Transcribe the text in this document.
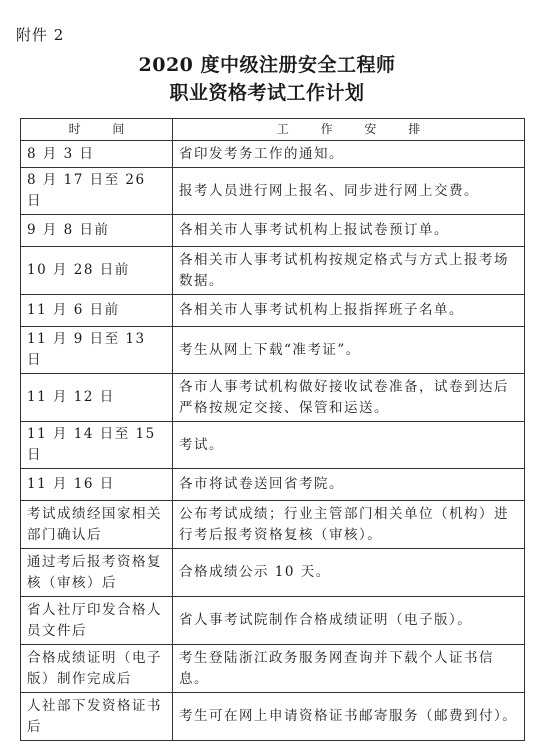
附件 2
2020 度中级注册安全工程师
职业资格考试工作计划
时 间	工 作 安 排
8 月 3 日	省印发考务工作的通知。
8 月 17 日至 26 日	报考人员进行网上报名、同步进行网上交费。
9 月 8 日前	各相关市人事考试机构上报试卷预订单。
10 月 28 日前	各相关市人事考试机构按规定格式与方式上报考场数据。
11 月 6 日前	各相关市人事考试机构上报指挥班子名单。
11 月 9 日至 13 日	考生从网上下载“准考证”。
11 月 12 日	各市人事考试机构做好接收试卷准备，试卷到达后严格按规定交接、保管和运送。
11 月 14 日至 15 日	考试。
11 月 16 日	各市将试卷送回省考院。
考试成绩经国家相关部门确认后	公布考试成绩；行业主管部门相关单位（机构）进行考后报考资格复核（审核）。
通过考后报考资格复核（审核）后	合格成绩公示 10 天。
省人社厅印发合格人员文件后	省人事考试院制作合格成绩证明（电子版）。
合格成绩证明（电子版）制作完成后	考生登陆浙江政务服务网查询并下载个人证书信息。
人社部下发资格证书后	考生可在网上申请资格证书邮寄服务（邮费到付）。
